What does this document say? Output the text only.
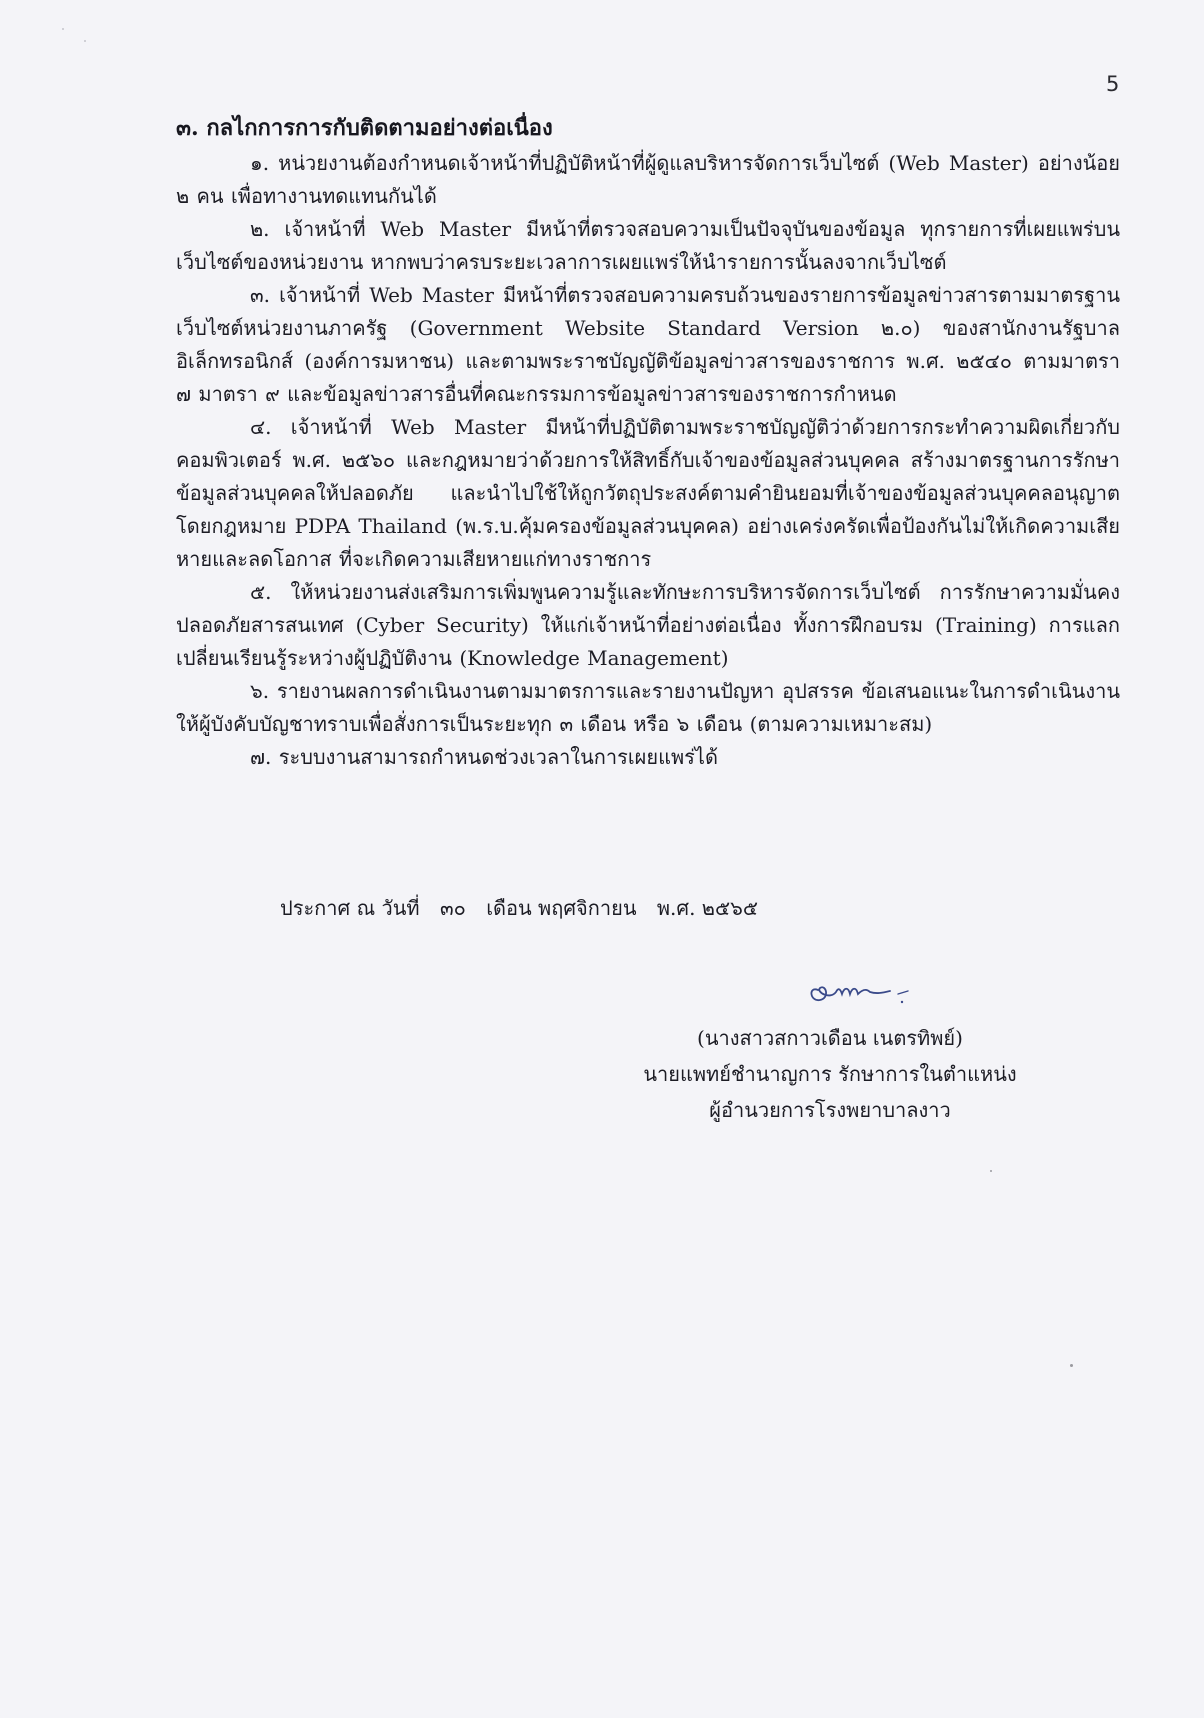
5

๓. กลไกการการกับติดตามอย่างต่อเนื่อง

๑. หน่วยงานต้องกำหนดเจ้าหน้าที่ปฏิบัติหน้าที่ผู้ดูแลบริหารจัดการเว็บไซต์ (Web Master) อย่างน้อย ๒ คน เพื่อทางานทดแทนกันได้

๒. เจ้าหน้าที่ Web Master มีหน้าที่ตรวจสอบความเป็นปัจจุบันของข้อมูล ทุกรายการที่เผยแพร่บนเว็บไซต์ของหน่วยงาน หากพบว่าครบระยะเวลาการเผยแพร่ให้นำรายการนั้นลงจากเว็บไซต์

๓. เจ้าหน้าที่ Web Master มีหน้าที่ตรวจสอบความครบถ้วนของรายการข้อมูลข่าวสารตามมาตรฐานเว็บไซต์หน่วยงานภาครัฐ (Government Website Standard Version ๒.๐) ของสานักงานรัฐบาลอิเล็กทรอนิกส์ (องค์การมหาชน) และตามพระราชบัญญัติข้อมูลข่าวสารของราชการ พ.ศ. ๒๕๔๐ ตามมาตรา ๗ มาตรา ๙ และข้อมูลข่าวสารอื่นที่คณะกรรมการข้อมูลข่าวสารของราชการกำหนด

๔. เจ้าหน้าที่ Web Master มีหน้าที่ปฏิบัติตามพระราชบัญญัติว่าด้วยการกระทำความผิดเกี่ยวกับคอมพิวเตอร์ พ.ศ. ๒๕๖๐ และกฎหมายว่าด้วยการให้สิทธิ์กับเจ้าของข้อมูลส่วนบุคคล สร้างมาตรฐานการรักษาข้อมูลส่วนบุคคลให้ปลอดภัย และนำไปใช้ให้ถูกวัตถุประสงค์ตามคำยินยอมที่เจ้าของข้อมูลส่วนบุคคลอนุญาต โดยกฎหมาย PDPA Thailand (พ.ร.บ.คุ้มครองข้อมูลส่วนบุคคล) อย่างเคร่งครัดเพื่อป้องกันไม่ให้เกิดความเสียหายและลดโอกาส ที่จะเกิดความเสียหายแก่ทางราชการ

๕. ให้หน่วยงานส่งเสริมการเพิ่มพูนความรู้และทักษะการบริหารจัดการเว็บไซต์ การรักษาความมั่นคงปลอดภัยสารสนเทศ (Cyber Security) ให้แก่เจ้าหน้าที่อย่างต่อเนื่อง ทั้งการฝึกอบรม (Training) การแลกเปลี่ยนเรียนรู้ระหว่างผู้ปฏิบัติงาน (Knowledge Management)

๖. รายงานผลการดำเนินงานตามมาตรการและรายงานปัญหา อุปสรรค ข้อเสนอแนะในการดำเนินงานให้ผู้บังคับบัญชาทราบเพื่อสั่งการเป็นระยะทุก ๓ เดือน หรือ ๖ เดือน (ตามความเหมาะสม)

๗. ระบบงานสามารถกำหนดช่วงเวลาในการเผยแพร่ได้

ประกาศ ณ วันที่ ๓๐ เดือน พฤศจิกายน พ.ศ. ๒๕๖๕
(นางสาวสกาวเดือน เนตรทิพย์)
นายแพทย์ชำนาญการ รักษาการในตำแหน่ง
ผู้อำนวยการโรงพยาบาลงาว
